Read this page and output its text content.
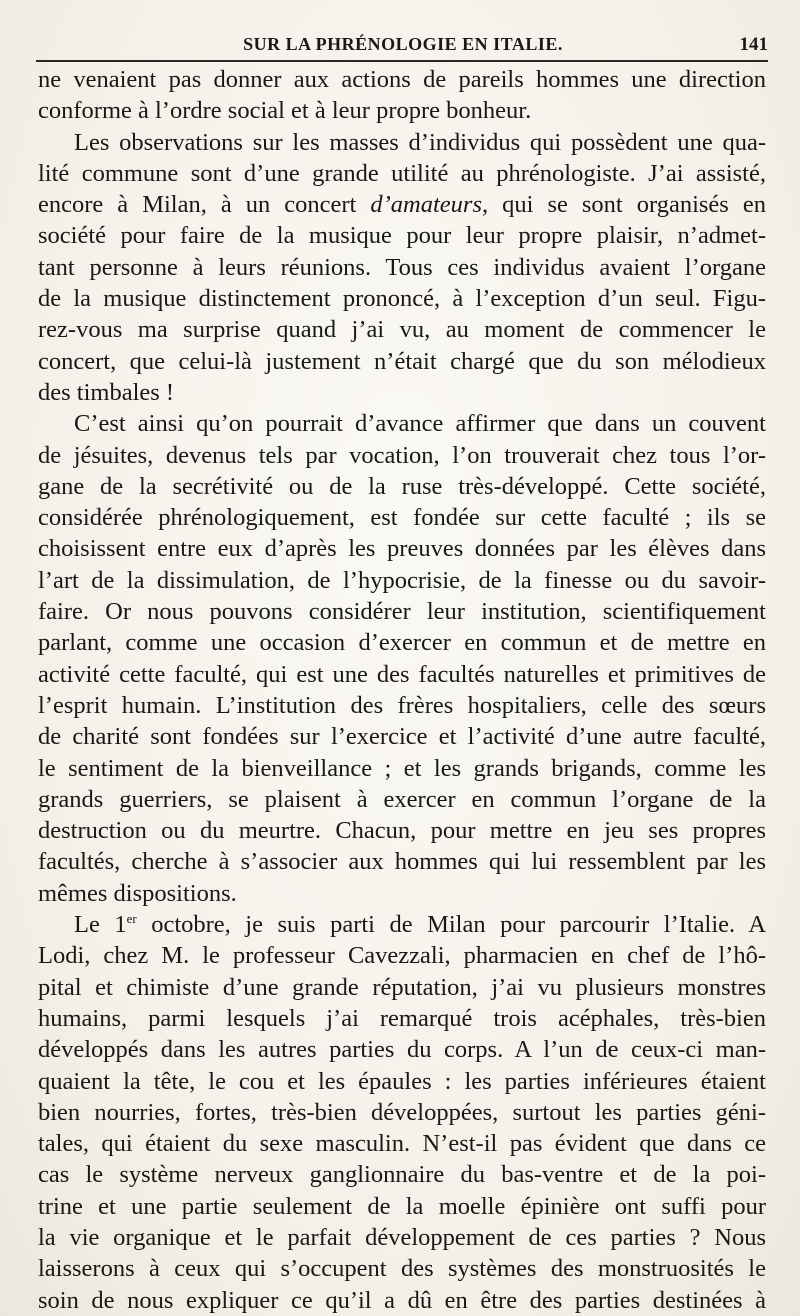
SUR LA PHRÉNOLOGIE EN ITALIE.	141
ne venaient pas donner aux actions de pareils hommes une direction
conforme à l’ordre social et à leur propre bonheur.
Les observations sur les masses d’individus qui possèdent une qua-
lité commune sont d’une grande utilité au phrénologiste. J’ai assisté,
encore à Milan, à un concert d’amateurs, qui se sont organisés en
société pour faire de la musique pour leur propre plaisir, n’admet-
tant personne à leurs réunions. Tous ces individus avaient l’organe
de la musique distinctement prononcé, à l’exception d’un seul. Figu-
rez-vous ma surprise quand j’ai vu, au moment de commencer le
concert, que celui-là justement n’était chargé que du son mélodieux
des timbales !
C’est ainsi qu’on pourrait d’avance affirmer que dans un couvent
de jésuites, devenus tels par vocation, l’on trouverait chez tous l’or-
gane de la secrétivité ou de la ruse très-développé. Cette société,
considérée phrénologiquement, est fondée sur cette faculté ; ils se
choisissent entre eux d’après les preuves données par les élèves dans
l’art de la dissimulation, de l’hypocrisie, de la finesse ou du savoir-
faire. Or nous pouvons considérer leur institution, scientifiquement
parlant, comme une occasion d’exercer en commun et de mettre en
activité cette faculté, qui est une des facultés naturelles et primitives de
l’esprit humain. L’institution des frères hospitaliers, celle des sœurs
de charité sont fondées sur l’exercice et l’activité d’une autre faculté,
le sentiment de la bienveillance ; et les grands brigands, comme les
grands guerriers, se plaisent à exercer en commun l’organe de la
destruction ou du meurtre. Chacun, pour mettre en jeu ses propres
facultés, cherche à s’associer aux hommes qui lui ressemblent par les
mêmes dispositions.
Le 1er octobre, je suis parti de Milan pour parcourir l’Italie. A
Lodi, chez M. le professeur Cavezzali, pharmacien en chef de l’hô-
pital et chimiste d’une grande réputation, j’ai vu plusieurs monstres
humains, parmi lesquels j’ai remarqué trois acéphales, très-bien
développés dans les autres parties du corps. A l’un de ceux-ci man-
quaient la tête, le cou et les épaules : les parties inférieures étaient
bien nourries, fortes, très-bien développées, surtout les parties géni-
tales, qui étaient du sexe masculin. N’est-il pas évident que dans ce
cas le système nerveux ganglionnaire du bas-ventre et de la poi-
trine et une partie seulement de la moelle épinière ont suffi pour
la vie organique et le parfait développement de ces parties ? Nous
laisserons à ceux qui s’occupent des systèmes des monstruosités le
soin de nous expliquer ce qu’il a dû en être des parties destinées à
